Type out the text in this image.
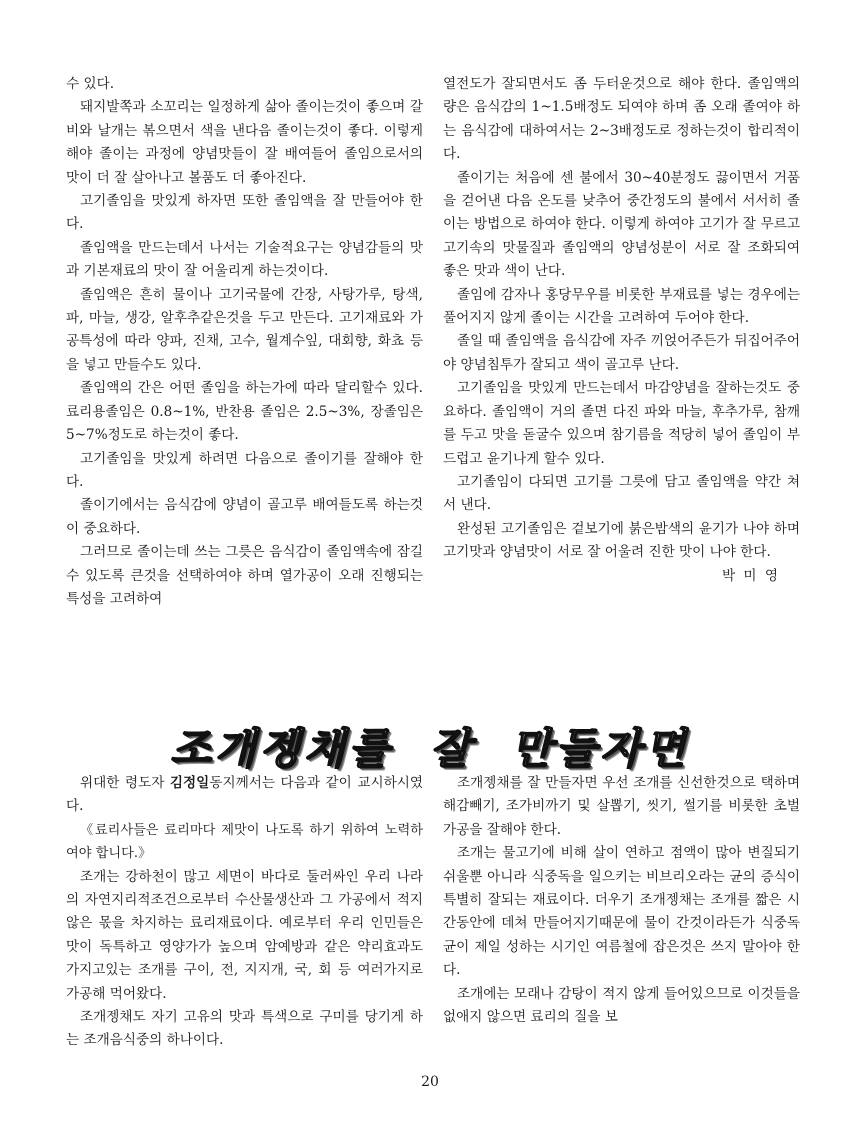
수 있다.

돼지발쪽과 소꼬리는 일정하게 삶아 졸이는것이 좋으며 갈비와 날개는 볶으면서 색을 낸다음 졸이는것이 좋다. 이렇게 해야 졸이는 과정에 양념맛들이 잘 배여들어 졸임으로서의 맛이 더 잘 살아나고 볼품도 더 좋아진다.

고기졸임을 맛있게 하자면 또한 졸임액을 잘 만들어야 한다.

졸임액을 만드는데서 나서는 기술적요구는 양념감들의 맛과 기본재료의 맛이 잘 어울리게 하는것이다.

졸임액은 흔히 물이나 고기국물에 간장, 사탕가루, 탕색, 파, 마늘, 생강, 알후추같은것을 두고 만든다. 고기재료와 가공특성에 따라 양파, 진채, 고수, 월계수잎, 대회향, 화쵸 등을 넣고 만들수도 있다.

졸임액의 간은 어떤 졸임을 하는가에 따라 달리할수 있다. 료리용졸임은 0.8~1%, 반찬용 졸임은 2.5~3%, 장졸임은 5~7%정도로 하는것이 좋다.

고기졸임을 맛있게 하려면 다음으로 졸이기를 잘해야 한다.

졸이기에서는 음식감에 양념이 골고루 배여들도록 하는것이 중요하다.

그러므로 졸이는데 쓰는 그릇은 음식감이 졸임액속에 잠길수 있도록 큰것을 선택하여야 하며 열가공이 오래 진행되는 특성을 고려하여

열전도가 잘되면서도 좀 두터운것으로 해야 한다. 졸임액의 량은 음식감의 1~1.5배정도 되여야 하며 좀 오래 졸여야 하는 음식감에 대하여서는 2~3배정도로 정하는것이 합리적이다.

졸이기는 처음에 센 불에서 30~40분정도 끓이면서 거품을 걷어낸 다음 온도를 낮추어 중간정도의 불에서 서서히 졸이는 방법으로 하여야 한다. 이렇게 하여야 고기가 잘 무르고 고기속의 맛물질과 졸임액의 양념성분이 서로 잘 조화되여 좋은 맛과 색이 난다.

졸임에 감자나 홍당무우를 비롯한 부재료를 넣는 경우에는 풀어지지 않게 졸이는 시간을 고려하여 두어야 한다.

졸일 때 졸임액을 음식감에 자주 끼얹어주든가 뒤집어주어야 양념침투가 잘되고 색이 골고루 난다.

고기졸임을 맛있게 만드는데서 마감양념을 잘하는것도 중요하다. 졸임액이 거의 졸면 다진 파와 마늘, 후추가루, 참깨를 두고 맛을 돋굴수 있으며 참기름을 적당히 넣어 졸임이 부드럽고 윤기나게 할수 있다.

고기졸임이 다되면 고기를 그릇에 담고 졸임액을 약간 쳐서 낸다.

완성된 고기졸임은 겉보기에 붉은밤색의 윤기가 나야 하며 고기맛과 양념맛이 서로 잘 어울려 진한 맛이 나야 한다.

박 미 영

조개젱채를 잘 만들자면

위대한 령도자 김정일동지께서는 다음과 같이 교시하시였다.

《료리사들은 료리마다 제맛이 나도록 하기 위하여 노력하여야 합니다.》

조개는 강하천이 많고 세면이 바다로 둘러싸인 우리 나라의 자연지리적조건으로부터 수산물생산과 그 가공에서 적지 않은 몫을 차지하는 료리재료이다. 예로부터 우리 인민들은 맛이 독특하고 영양가가 높으며 암예방과 같은 약리효과도 가지고있는 조개를 구이, 전, 지지개, 국, 회 등 여러가지로 가공해 먹어왔다.

조개젱채도 자기 고유의 맛과 특색으로 구미를 당기게 하는 조개음식중의 하나이다.

조개젱채를 잘 만들자면 우선 조개를 신선한것으로 택하며 해감빼기, 조가비까기 및 살뽑기, 씻기, 썰기를 비롯한 초벌가공을 잘해야 한다.

조개는 물고기에 비해 살이 연하고 점액이 많아 변질되기 쉬울뿐 아니라 식중독을 일으키는 비브리오라는 균의 증식이 특별히 잘되는 재료이다. 더우기 조개젱채는 조개를 짧은 시간동안에 데쳐 만들어지기때문에 물이 간것이라든가 식중독균이 제일 성하는 시기인 여름철에 잡은것은 쓰지 말아야 한다.

조개에는 모래나 감탕이 적지 않게 들어있으므로 이것들을 없애지 않으면 료리의 질을 보

20
